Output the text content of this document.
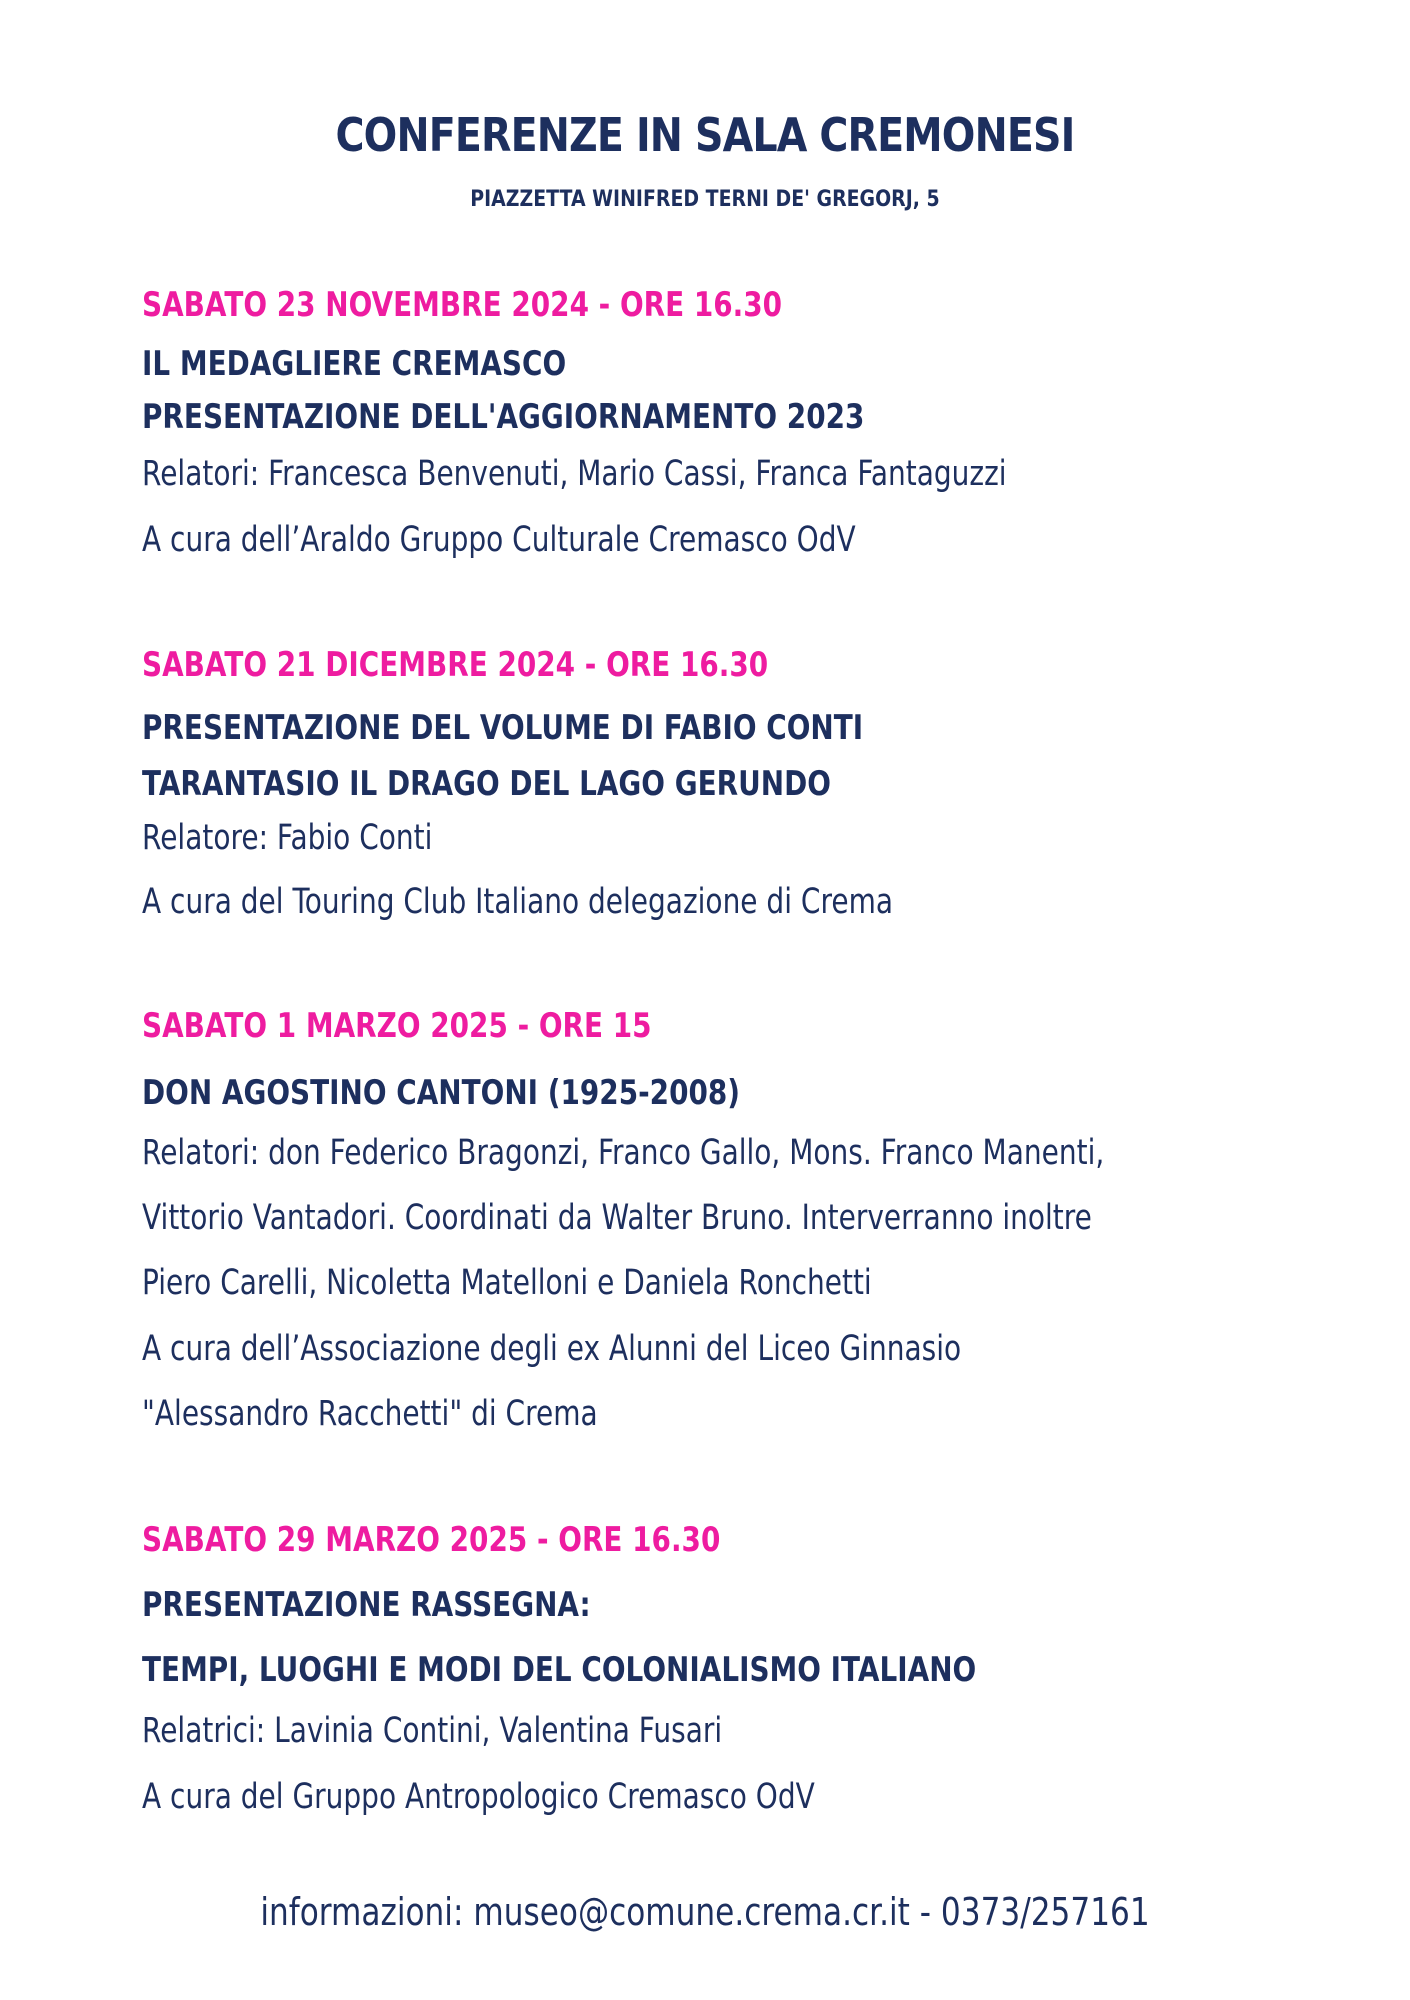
CONFERENZE IN SALA CREMONESI
PIAZZETTA WINIFRED TERNI DE' GREGORJ, 5
SABATO 23 NOVEMBRE 2024 - ORE 16.30
IL MEDAGLIERE CREMASCO
PRESENTAZIONE DELL'AGGIORNAMENTO 2023
Relatori: Francesca Benvenuti, Mario Cassi, Franca Fantaguzzi
A cura dell’Araldo Gruppo Culturale Cremasco OdV
SABATO 21 DICEMBRE 2024 - ORE 16.30
PRESENTAZIONE DEL VOLUME DI FABIO CONTI
TARANTASIO IL DRAGO DEL LAGO GERUNDO
Relatore: Fabio Conti
A cura del Touring Club Italiano delegazione di Crema
SABATO 1 MARZO 2025 - ORE 15
DON AGOSTINO CANTONI (1925-2008)
Relatori: don Federico Bragonzi, Franco Gallo, Mons. Franco Manenti,
Vittorio Vantadori. Coordinati da Walter Bruno. Interverranno inoltre
Piero Carelli, Nicoletta Matelloni e Daniela Ronchetti
A cura dell’Associazione degli ex Alunni del Liceo Ginnasio
"Alessandro Racchetti" di Crema
SABATO 29 MARZO 2025 - ORE 16.30
PRESENTAZIONE RASSEGNA:
TEMPI, LUOGHI E MODI DEL COLONIALISMO ITALIANO
Relatrici: Lavinia Contini, Valentina Fusari
A cura del Gruppo Antropologico Cremasco OdV
informazioni: museo@comune.crema.cr.it - 0373/257161
